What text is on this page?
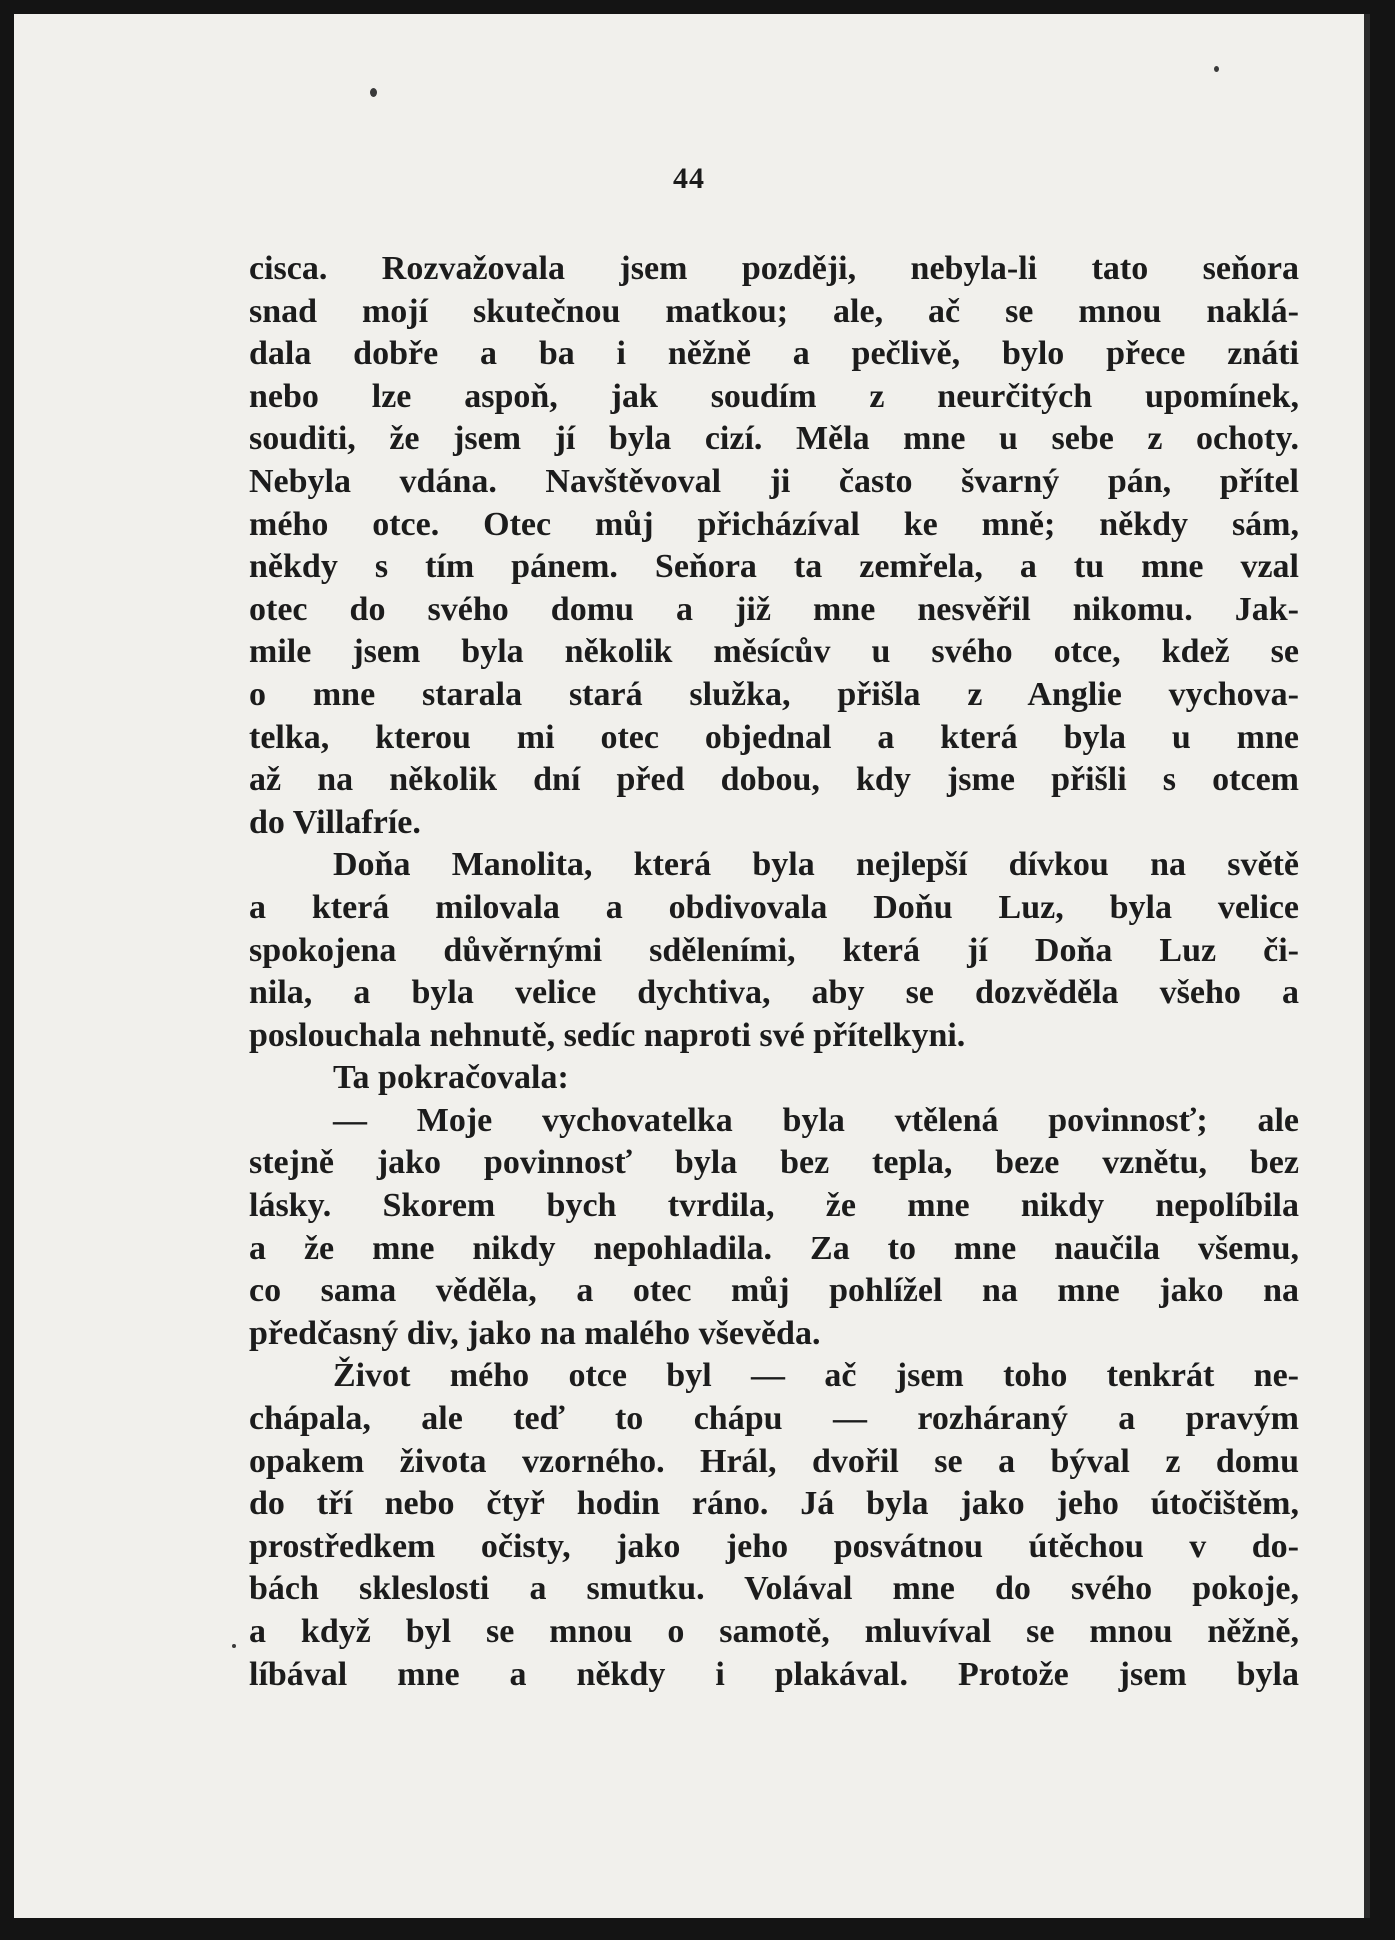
44
cisca. Rozvažovala jsem později, nebyla-li tato seňora
snad mojí skutečnou matkou; ale, ač se mnou naklá-
dala dobře a ba i něžně a pečlivě, bylo přece znáti
nebo lze aspoň, jak soudím z neurčitých upomínek,
souditi, že jsem jí byla cizí. Měla mne u sebe z ochoty.
Nebyla vdána. Navštěvoval ji často švarný pán, přítel
mého otce. Otec můj přicházíval ke mně; někdy sám,
někdy s tím pánem. Seňora ta zemřela, a tu mne vzal
otec do svého domu a již mne nesvěřil nikomu. Jak-
mile jsem byla několik měsícův u svého otce, kdež se
o mne starala stará služka, přišla z Anglie vychova-
telka, kterou mi otec objednal a která byla u mne
až na několik dní před dobou, kdy jsme přišli s otcem
do Villafríe.
Doňa Manolita, která byla nejlepší dívkou na světě
a která milovala a obdivovala Doňu Luz, byla velice
spokojena důvěrnými sděleními, která jí Doňa Luz či-
nila, a byla velice dychtiva, aby se dozvěděla všeho a
poslouchala nehnutě, sedíc naproti své přítelkyni.
Ta pokračovala:
— Moje vychovatelka byla vtělená povinnosť; ale
stejně jako povinnosť byla bez tepla, beze vznětu, bez
lásky. Skorem bych tvrdila, že mne nikdy nepolíbila
a že mne nikdy nepohladila. Za to mne naučila všemu,
co sama věděla, a otec můj pohlížel na mne jako na
předčasný div, jako na malého vševěda.
Život mého otce byl — ač jsem toho tenkrát ne-
chápala, ale teď to chápu — rozháraný a pravým
opakem života vzorného. Hrál, dvořil se a býval z domu
do tří nebo čtyř hodin ráno. Já byla jako jeho útočištěm,
prostředkem očisty, jako jeho posvátnou útěchou v do-
bách skleslosti a smutku. Volával mne do svého pokoje,
a když byl se mnou o samotě, mluvíval se mnou něžně,
líbával mne a někdy i plakával. Protože jsem byla
